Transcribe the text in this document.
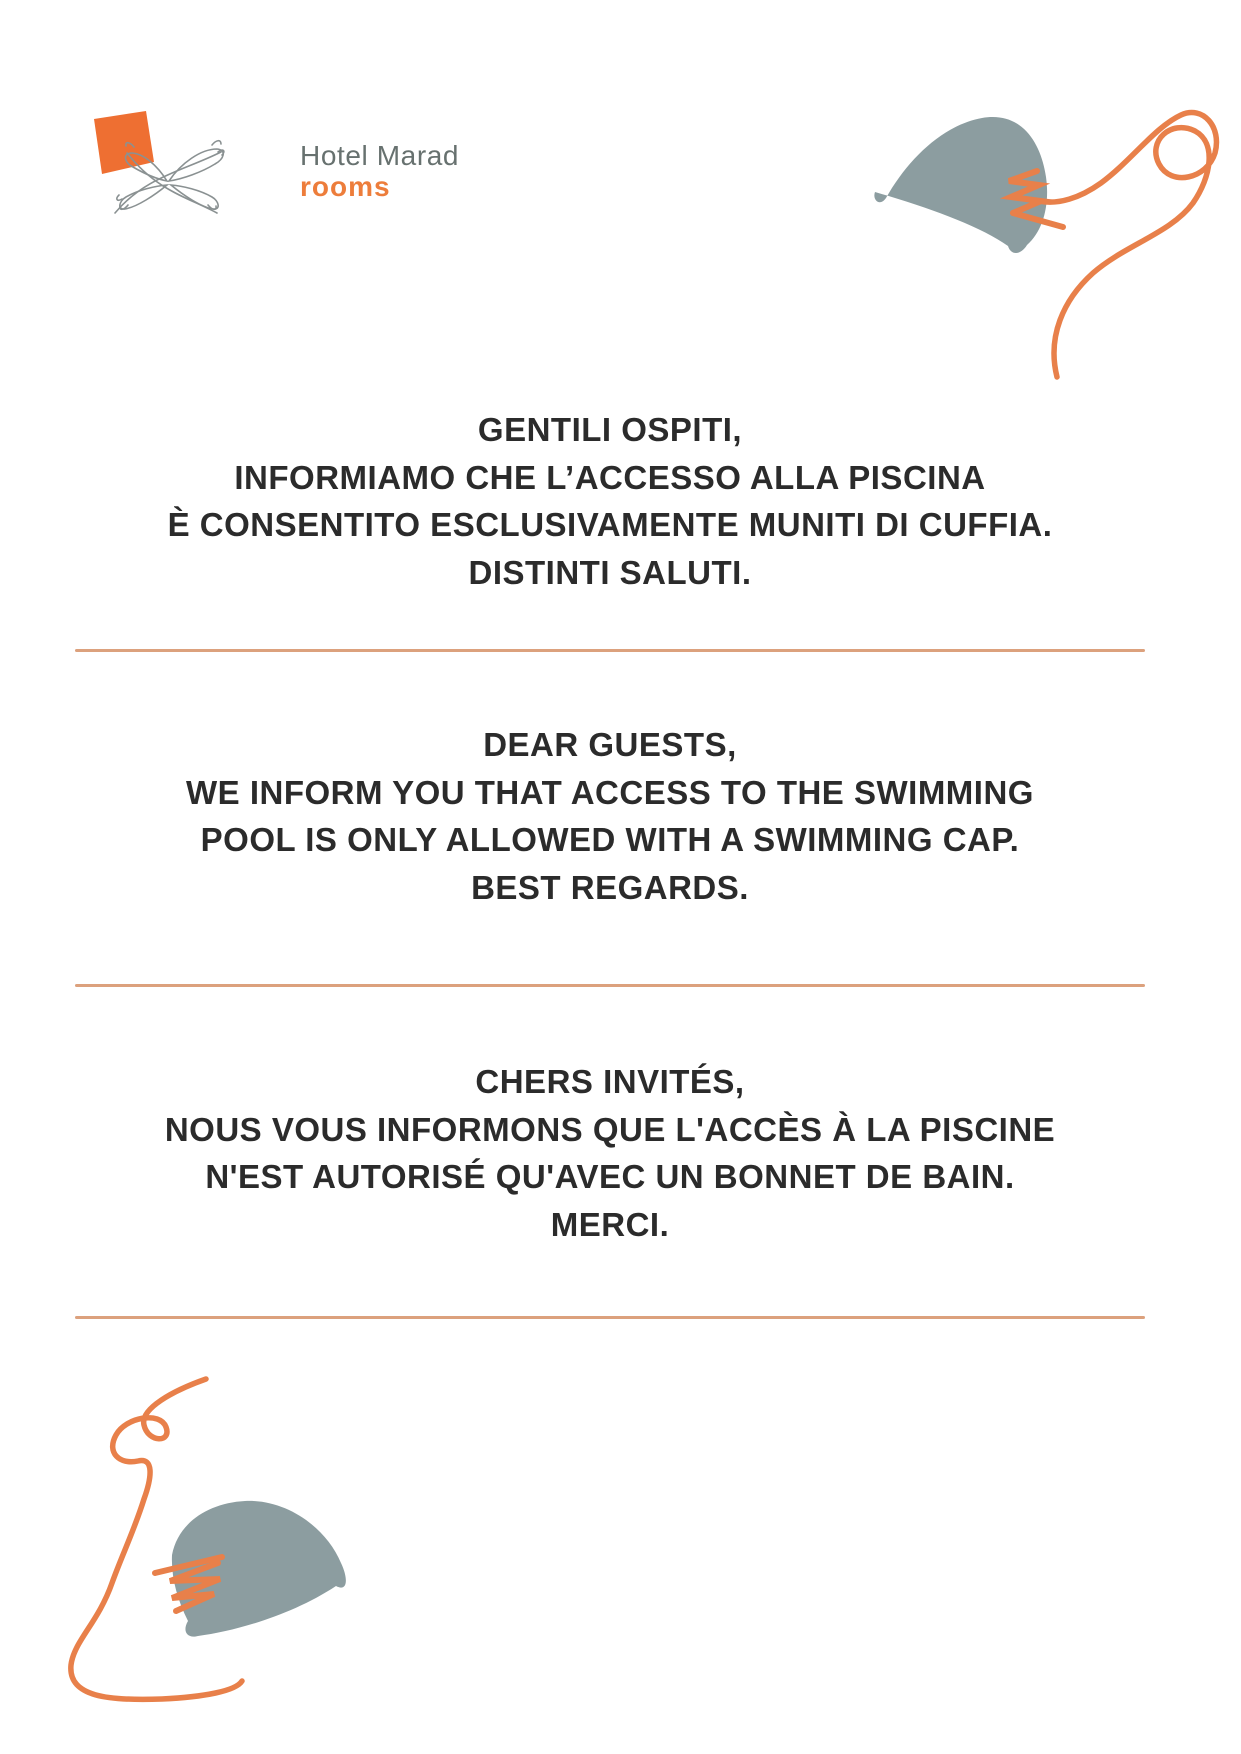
Hotel Marad
rooms
GENTILI OSPITI,
INFORMIAMO CHE L’ACCESSO ALLA PISCINA
È CONSENTITO ESCLUSIVAMENTE MUNITI DI CUFFIA.
DISTINTI SALUTI.
DEAR GUESTS,
WE INFORM YOU THAT ACCESS TO THE SWIMMING
POOL IS ONLY ALLOWED WITH A SWIMMING CAP.
BEST REGARDS.
CHERS INVITÉS,
NOUS VOUS INFORMONS QUE L'ACCÈS À LA PISCINE
N'EST AUTORISÉ QU'AVEC UN BONNET DE BAIN.
MERCI.
